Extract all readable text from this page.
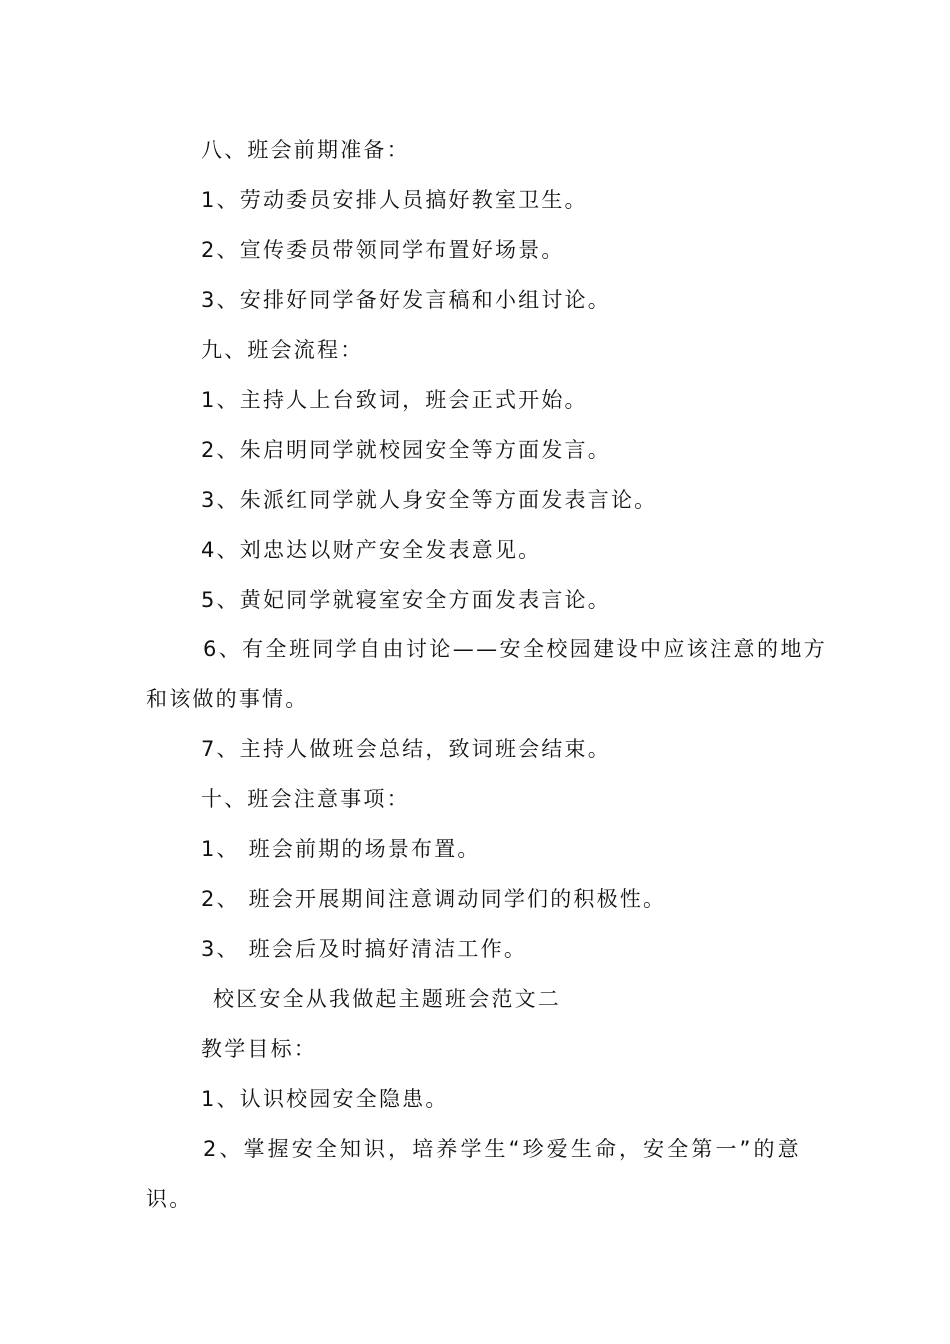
八、班会前期准备：
1、劳动委员安排人员搞好教室卫生。
2、宣传委员带领同学布置好场景。
3、安排好同学备好发言稿和小组讨论。
九、班会流程：
1、主持人上台致词，班会正式开始。
2、朱启明同学就校园安全等方面发言。
3、朱派红同学就人身安全等方面发表言论。
4、刘忠达以财产安全发表意见。
5、黄妃同学就寝室安全方面发表言论。
6、有全班同学自由讨论——安全校园建设中应该注意的地方
和该做的事情。
7、主持人做班会总结，致词班会结束。
十、班会注意事项：
1、 班会前期的场景布置。
2、 班会开展期间注意调动同学们的积极性。
3、 班会后及时搞好清洁工作。
校区安全从我做起主题班会范文二
教学目标：
1、认识校园安全隐患。
2、掌握安全知识，培养学生“珍爱生命，安全第一”的意
识。
